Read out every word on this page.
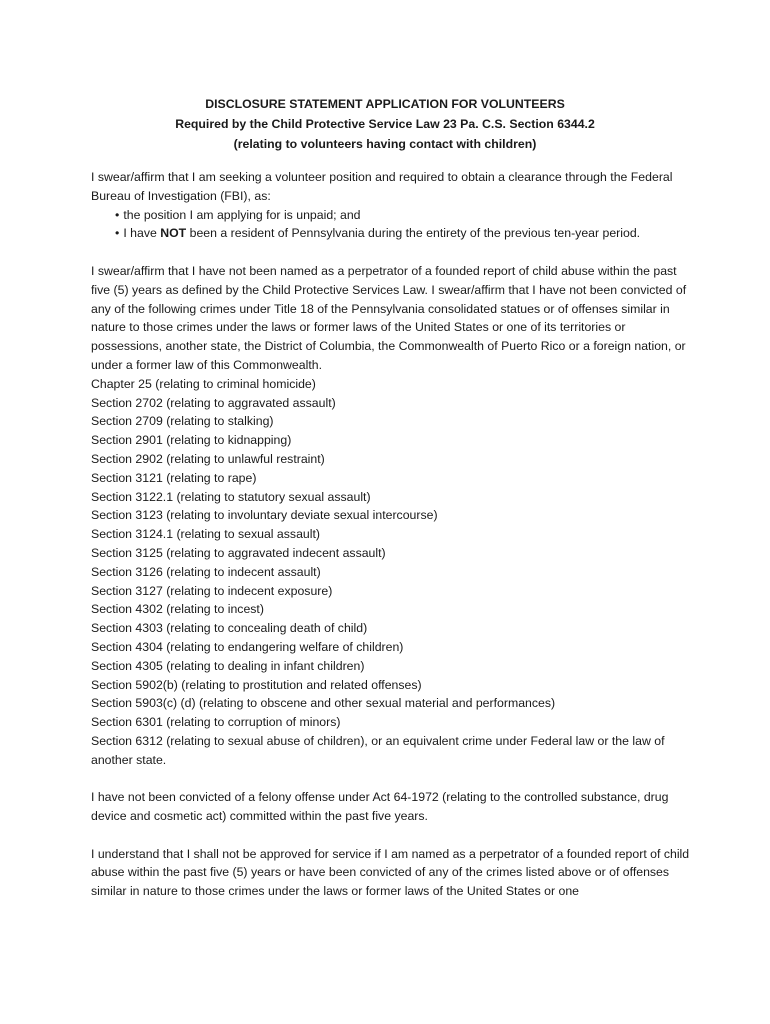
DISCLOSURE STATEMENT APPLICATION FOR VOLUNTEERS
Required by the Child Protective Service Law 23 Pa. C.S. Section 6344.2
(relating to volunteers having contact with children)

I swear/affirm that I am seeking a volunteer position and required to obtain a clearance through the Federal Bureau of Investigation (FBI), as:

• the position I am applying for is unpaid; and

• I have NOT been a resident of Pennsylvania during the entirety of the previous ten-year period.

I swear/affirm that I have not been named as a perpetrator of a founded report of child abuse within the past five (5) years as defined by the Child Protective Services Law. I swear/affirm that I have not been convicted of any of the following crimes under Title 18 of the Pennsylvania consolidated statues or of offenses similar in nature to those crimes under the laws or former laws of the United States or one of its territories or possessions, another state, the District of Columbia, the Commonwealth of Puerto Rico or a foreign nation, or under a former law of this Commonwealth.

Chapter 25 (relating to criminal homicide)

Section 2702 (relating to aggravated assault)

Section 2709 (relating to stalking)

Section 2901 (relating to kidnapping)

Section 2902 (relating to unlawful restraint)

Section 3121 (relating to rape)

Section 3122.1 (relating to statutory sexual assault)

Section 3123 (relating to involuntary deviate sexual intercourse)

Section 3124.1 (relating to sexual assault)

Section 3125 (relating to aggravated indecent assault)

Section 3126 (relating to indecent assault)

Section 3127 (relating to indecent exposure)

Section 4302 (relating to incest)

Section 4303 (relating to concealing death of child)

Section 4304 (relating to endangering welfare of children)

Section 4305 (relating to dealing in infant children)

Section 5902(b) (relating to prostitution and related offenses)

Section 5903(c) (d) (relating to obscene and other sexual material and performances)

Section 6301 (relating to corruption of minors)

Section 6312 (relating to sexual abuse of children), or an equivalent crime under Federal law or the law of another state.

I have not been convicted of a felony offense under Act 64-1972 (relating to the controlled substance, drug device and cosmetic act) committed within the past five years.

I understand that I shall not be approved for service if I am named as a perpetrator of a founded report of child abuse within the past five (5) years or have been convicted of any of the crimes listed above or of offenses similar in nature to those crimes under the laws or former laws of the United States or one
